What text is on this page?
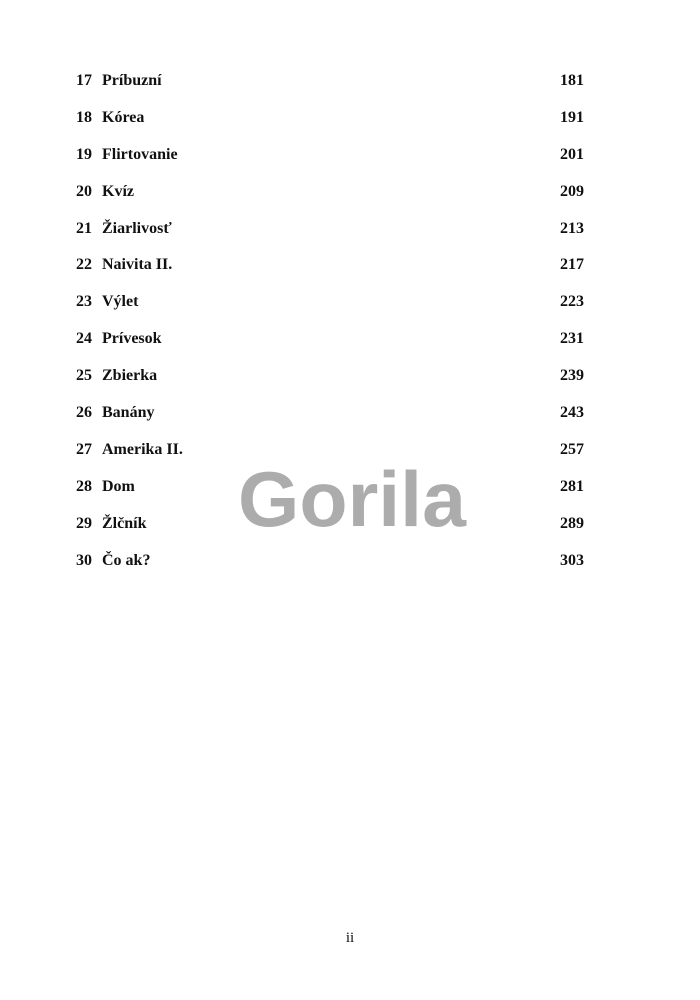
17 Príbuzní	181
18 Kórea	191
19 Flirtovanie	201
20 Kvíz	209
21 Žiarlivosť	213
22 Naivita II.	217
23 Výlet	223
24 Prívesok	231
25 Zbierka	239
26 Banány	243
27 Amerika II.	257
28 Dom	281
29 Žlčník	289
30 Čo ak?	303
Gorila
ii
